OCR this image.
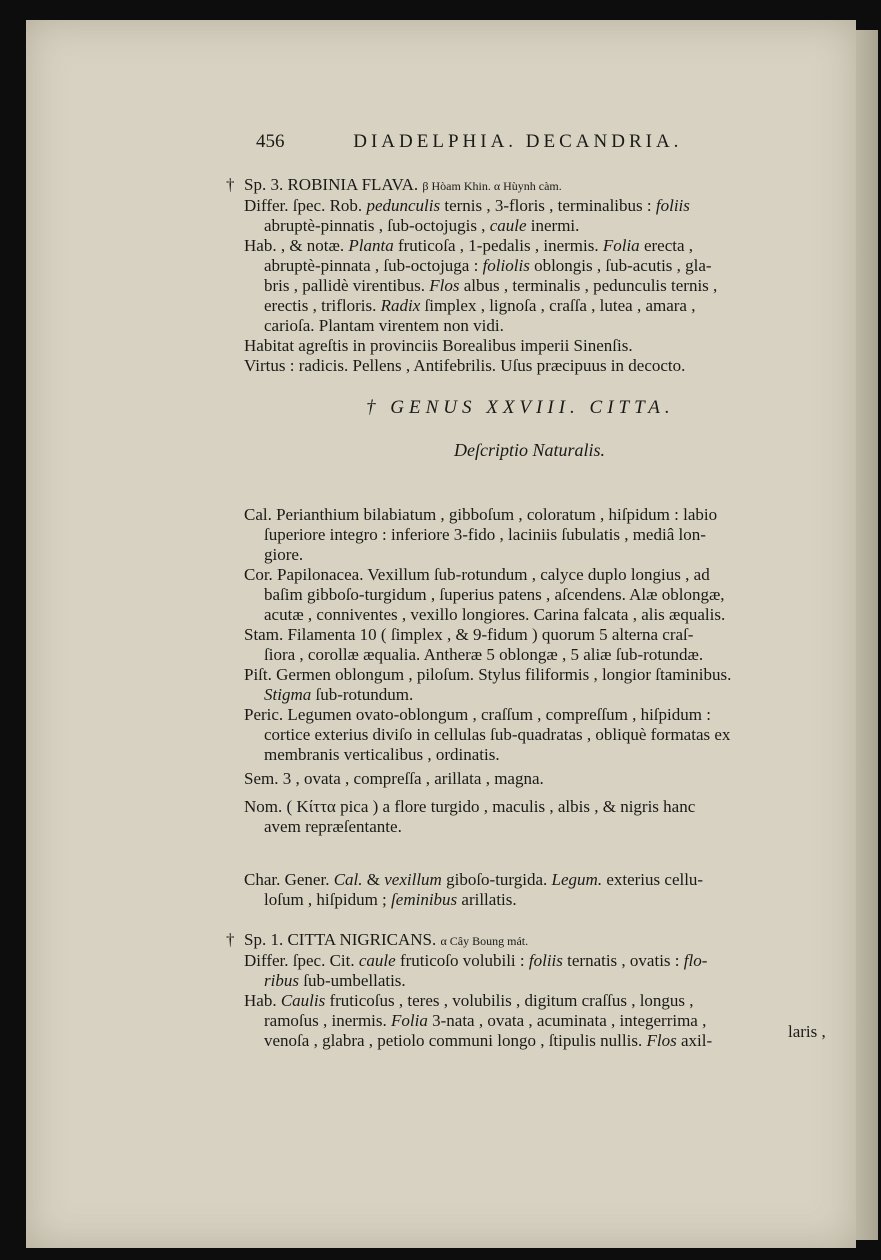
456	DIADELPHIA. DECANDRIA.
† Sp. 3. ROBINIA FLAVA. β Hòam Khin. α Hùynh càm.
Differ. ſpec. Rob. pedunculis ternis , 3-floris , terminalibus : foliis
abruptè-pinnatis , ſub-octojugis , caule inermi.
Hab. , & notæ. Planta fruticoſa , 1-pedalis , inermis. Folia erecta ,
abruptè-pinnata , ſub-octojuga : foliolis oblongis , ſub-acutis , gla-
bris , pallidè virentibus. Flos albus , terminalis , pedunculis ternis ,
erectis , trifloris. Radix ſimplex , lignoſa , craſſa , lutea , amara ,
carioſa. Plantam virentem non vidi.
Habitat agreſtis in provinciis Borealibus imperii Sinenſis.
Virtus : radicis. Pellens , Antifebrilis. Uſus præcipuus in decocto.
† GENUS XXVIII. CITTA.
Deſcriptio Naturalis.
Cal. Perianthium bilabiatum , gibboſum , coloratum , hiſpidum : labio
ſuperiore integro : inferiore 3-fido , laciniis ſubulatis , mediâ lon-
giore.
Cor. Papilonacea. Vexillum ſub-rotundum , calyce duplo longius , ad
baſim gibboſo-turgidum , ſuperius patens , aſcendens. Alæ oblongæ,
acutæ , conniventes , vexillo longiores. Carina falcata , alis æqualis.
Stam. Filamenta 10 ( ſimplex , & 9-fidum ) quorum 5 alterna craſ-
ſiora , corollæ æqualia. Antheræ 5 oblongæ , 5 aliæ ſub-rotundæ.
Piſt. Germen oblongum , piloſum. Stylus filiformis , longior ſtaminibus.
Stigma ſub-rotundum.
Peric. Legumen ovato-oblongum , craſſum , compreſſum , hiſpidum :
cortice exterius diviſo in cellulas ſub-quadratas , obliquè formatas ex
membranis verticalibus , ordinatis.
Sem. 3 , ovata , compreſſa , arillata , magna.
Nom. ( Κίττα pica ) a flore turgido , maculis , albis , & nigris hanc
avem repræſentante.
Char. Gener. Cal. & vexillum giboſo-turgida. Legum. exterius cellu-
loſum , hiſpidum ; ſeminibus arillatis.
† Sp. 1. CITTA NIGRICANS. α Cây Boung mát.
Differ. ſpec. Cit. caule fruticoſo volubili : foliis ternatis , ovatis : flo-
ribus ſub-umbellatis.
Hab. Caulis fruticoſus , teres , volubilis , digitum craſſus , longus ,
ramoſus , inermis. Folia 3-nata , ovata , acuminata , integerrima ,
venoſa , glabra , petiolo communi longo , ſtipulis nullis. Flos axil-	laris ,
